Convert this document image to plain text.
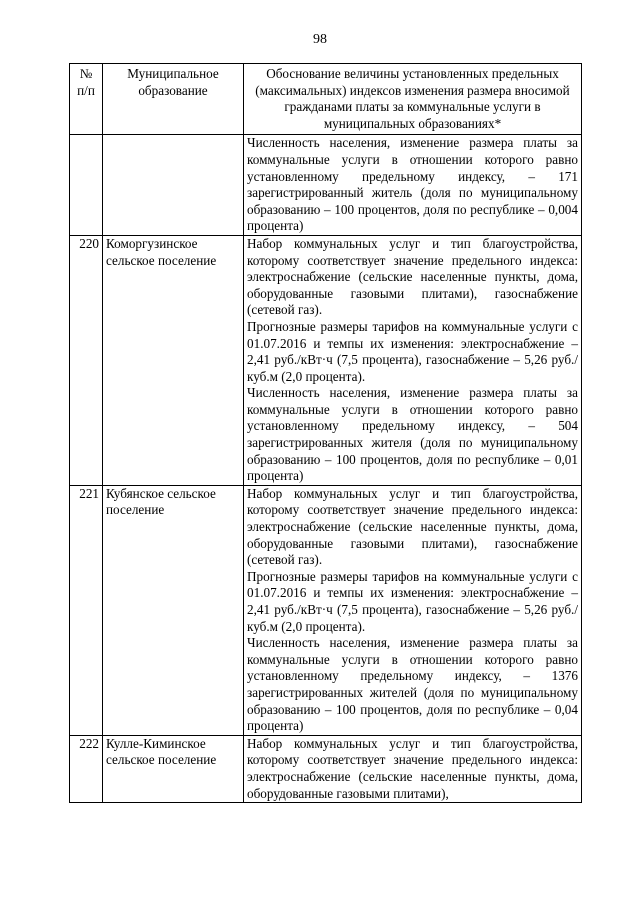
98
№ п/п	Муниципальное образование	Обоснование величины установленных предельных (максимальных) индексов изменения размера вносимой гражданами платы за коммунальные услуги в муниципальных образованиях*

		Численность населения, изменение размера платы за коммунальные услуги в отношении которого равно установленному предельному индексу, – 171 зарегистрированный житель (доля по муниципальному образованию – 100 процентов, доля по республике – 0,004 процента)

220	Коморгузинское сельское поселение	Набор коммунальных услуг и тип благоустройства, которому соответствует значение предельного индекса: электроснабжение (сельские населенные пункты, дома, оборудованные газовыми плитами), газоснабжение (сетевой газ).
Прогнозные размеры тарифов на коммунальные услуги с 01.07.2016 и темпы их изменения: электроснабжение – 2,41 руб./кВт·ч (7,5 процента), газоснабжение – 5,26 руб./куб.м (2,0 процента).
Численность населения, изменение размера платы за коммунальные услуги в отношении которого равно установленному предельному индексу, – 504 зарегистрированных жителя (доля по муниципальному образованию – 100 процентов, доля по республике – 0,01 процента)

221	Кубянское сельское поселение	Набор коммунальных услуг и тип благоустройства, которому соответствует значение предельного индекса: электроснабжение (сельские населенные пункты, дома, оборудованные газовыми плитами), газоснабжение (сетевой газ).
Прогнозные размеры тарифов на коммунальные услуги с 01.07.2016 и темпы их изменения: электроснабжение – 2,41 руб./кВт·ч (7,5 процента), газоснабжение – 5,26 руб./куб.м (2,0 процента).
Численность населения, изменение размера платы за коммунальные услуги в отношении которого равно установленному предельному индексу, – 1376 зарегистрированных жителей (доля по муниципальному образованию – 100 процентов, доля по республике – 0,04 процента)

222	Кулле-Киминское сельское поселение	Набор коммунальных услуг и тип благоустройства, которому соответствует значение предельного индекса: электроснабжение (сельские населенные пункты, дома, оборудованные газовыми плитами),
